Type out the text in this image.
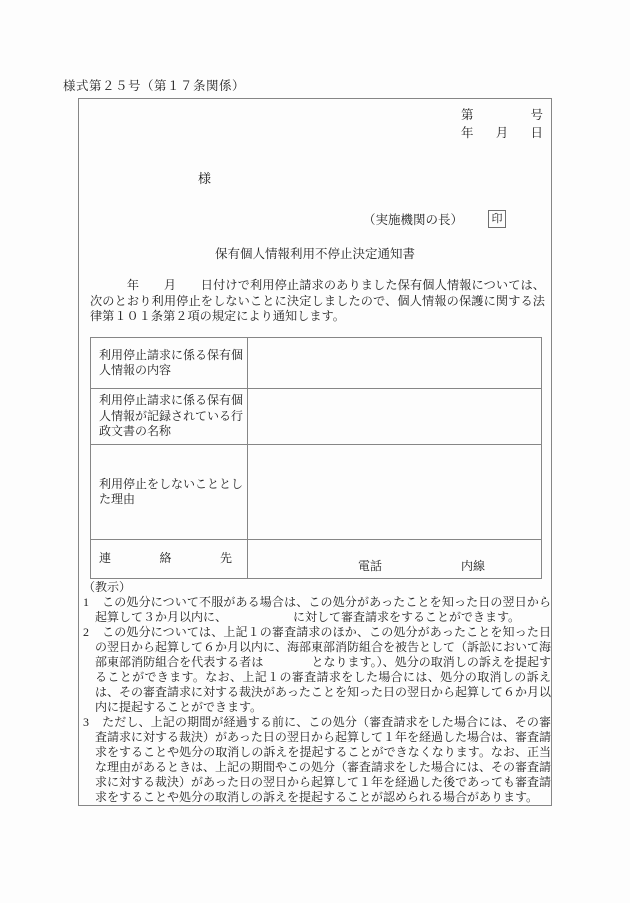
様式第２５号（第１７条関係）
第	号
年 月 日
様
（実施機関の長）	印
保有個人情報利用不停止決定通知書

　　　年　　月　　日付けで利用停止請求のありました保有個人情報については、次のとおり利用停止をしないことに決定しましたので、個人情報の保護に関する法律第１０１条第２項の規定により通知します。

利用停止請求に係る保有個人情報の内容	
利用停止請求に係る保有個人情報が記録されている行政文書の名称	
利用停止をしないこととした理由	

連 絡 先	電話 内線
（教示）

1 この処分について不服がある場合は、この処分があったことを知った日の翌日から起算して３か月以内に、　　　　　　に対して審査請求をすることができます。

2 この処分については、上記１の審査請求のほか、この処分があったことを知った日の翌日から起算して６か月以内に、海部東部消防組合を被告として（訴訟において海部東部消防組合を代表する者は　　　　となります。）、処分の取消しの訴えを提起することができます。なお、上記１の審査請求をした場合には、処分の取消しの訴えは、その審査請求に対する裁決があったことを知った日の翌日から起算して６か月以内に提起することができます。

3 ただし、上記の期間が経過する前に、この処分（審査請求をした場合には、その審査請求に対する裁決）があった日の翌日から起算して１年を経過した場合は、審査請求をすることや処分の取消しの訴えを提起することができなくなります。なお、正当な理由があるときは、上記の期間やこの処分（審査請求をした場合には、その審査請求に対する裁決）があった日の翌日から起算して１年を経過した後であっても審査請求をすることや処分の取消しの訴えを提起することが認められる場合があります。
